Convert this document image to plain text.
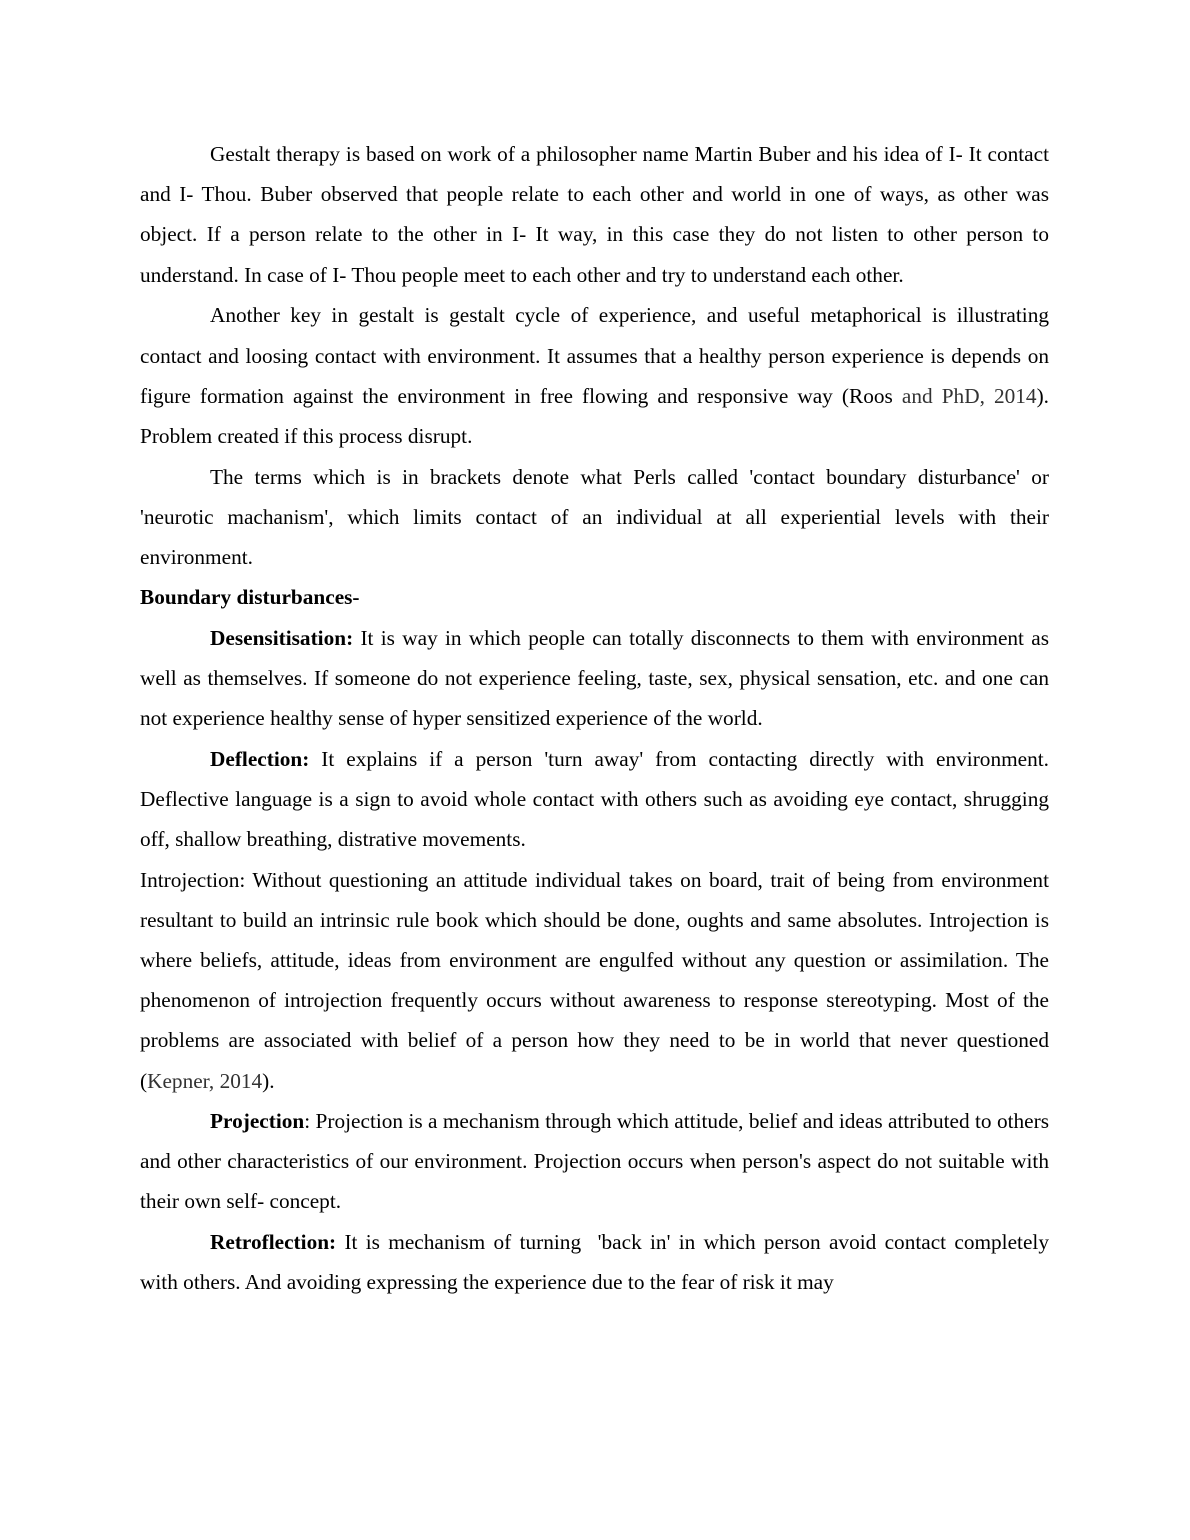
Gestalt therapy is based on work of a philosopher name Martin Buber and his idea of I- It contact and I- Thou. Buber observed that people relate to each other and world in one of ways, as other was object. If a person relate to the other in I- It way, in this case they do not listen to other person to understand. In case of I- Thou people meet to each other and try to understand each other.

Another key in gestalt is gestalt cycle of experience, and useful metaphorical is illustrating contact and loosing contact with environment. It assumes that a healthy person experience is depends on figure formation against the environment in free flowing and responsive way (Roos and PhD, 2014). Problem created if this process disrupt.

The terms which is in brackets denote what Perls called 'contact boundary disturbance' or 'neurotic machanism', which limits contact of an individual at all experiential levels with their environment.

Boundary disturbances-

Desensitisation: It is way in which people can totally disconnects to them with environment as well as themselves. If someone do not experience feeling, taste, sex, physical sensation, etc. and one can not experience healthy sense of hyper sensitized experience of the world.

Deflection: It explains if a person 'turn away' from contacting directly with environment. Deflective language is a sign to avoid whole contact with others such as avoiding eye contact, shrugging off, shallow breathing, distrative movements.

Introjection: Without questioning an attitude individual takes on board, trait of being from environment resultant to build an intrinsic rule book which should be done, oughts and same absolutes. Introjection is where beliefs, attitude, ideas from environment are engulfed without any question or assimilation. The phenomenon of introjection frequently occurs without awareness to response stereotyping. Most of the problems are associated with belief of a person how they need to be in world that never questioned (Kepner, 2014).

Projection: Projection is a mechanism through which attitude, belief and ideas attributed to others and other characteristics of our environment. Projection occurs when person's aspect do not suitable with their own self- concept.

Retroflection: It is mechanism of turning  'back in' in which person avoid contact completely with others. And avoiding expressing the experience due to the fear of risk it may
